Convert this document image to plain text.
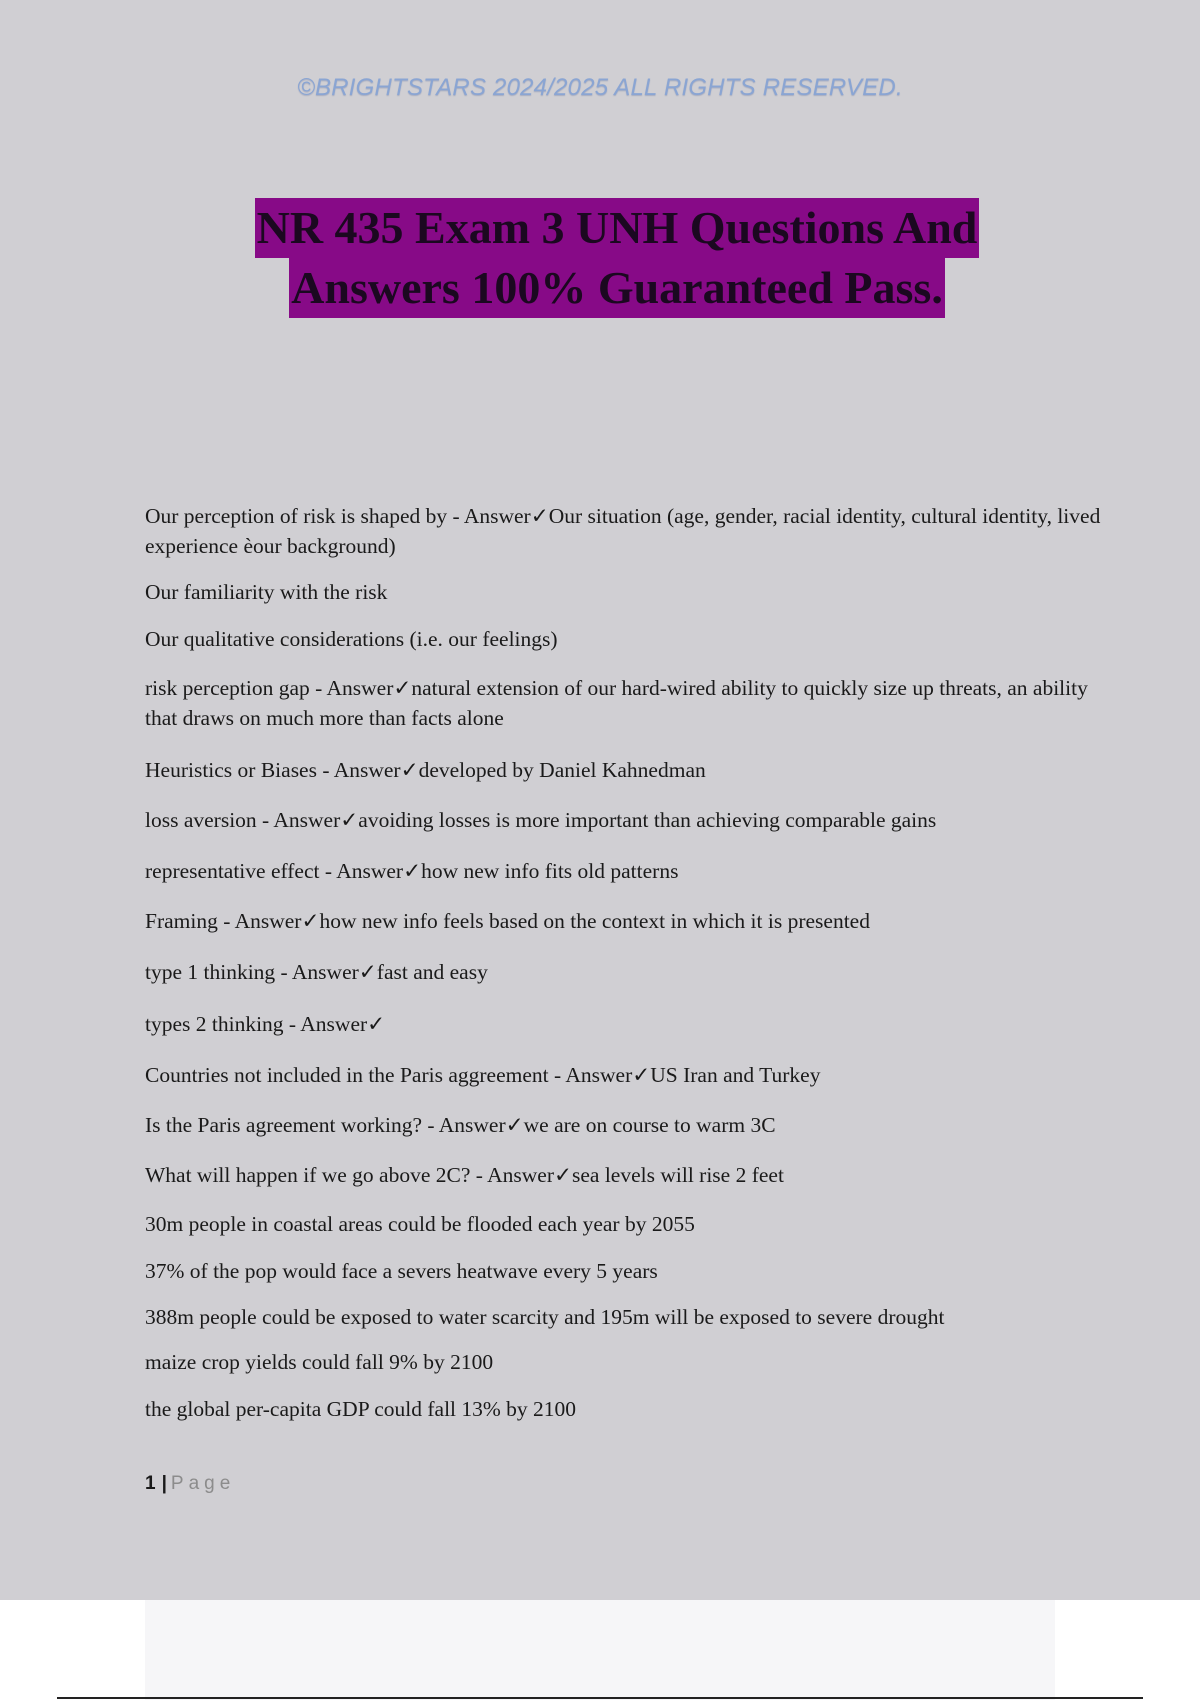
©BRIGHTSTARS 2024/2025 ALL RIGHTS RESERVED.
NR 435 Exam 3 UNH Questions And
Answers 100% Guaranteed Pass.
Our perception of risk is shaped by - Answer✓Our situation (age, gender, racial identity, cultural identity, lived experience èour background)
Our familiarity with the risk
Our qualitative considerations (i.e. our feelings)
risk perception gap - Answer✓natural extension of our hard-wired ability to quickly size up threats, an ability that draws on much more than facts alone
Heuristics or Biases - Answer✓developed by Daniel Kahnedman
loss aversion - Answer✓avoiding losses is more important than achieving comparable gains
representative effect - Answer✓how new info fits old patterns
Framing - Answer✓how new info feels based on the context in which it is presented
type 1 thinking - Answer✓fast and easy
types 2 thinking - Answer✓
Countries not included in the Paris aggreement - Answer✓US Iran and Turkey
Is the Paris agreement working? - Answer✓we are on course to warm 3C
What will happen if we go above 2C? - Answer✓sea levels will rise 2 feet
30m people in coastal areas could be flooded each year by 2055
37% of the pop would face a severs heatwave every 5 years
388m people could be exposed to water scarcity and 195m will be exposed to severe drought
maize crop yields could fall 9% by 2100
the global per-capita GDP could fall 13% by 2100
1 | Page
